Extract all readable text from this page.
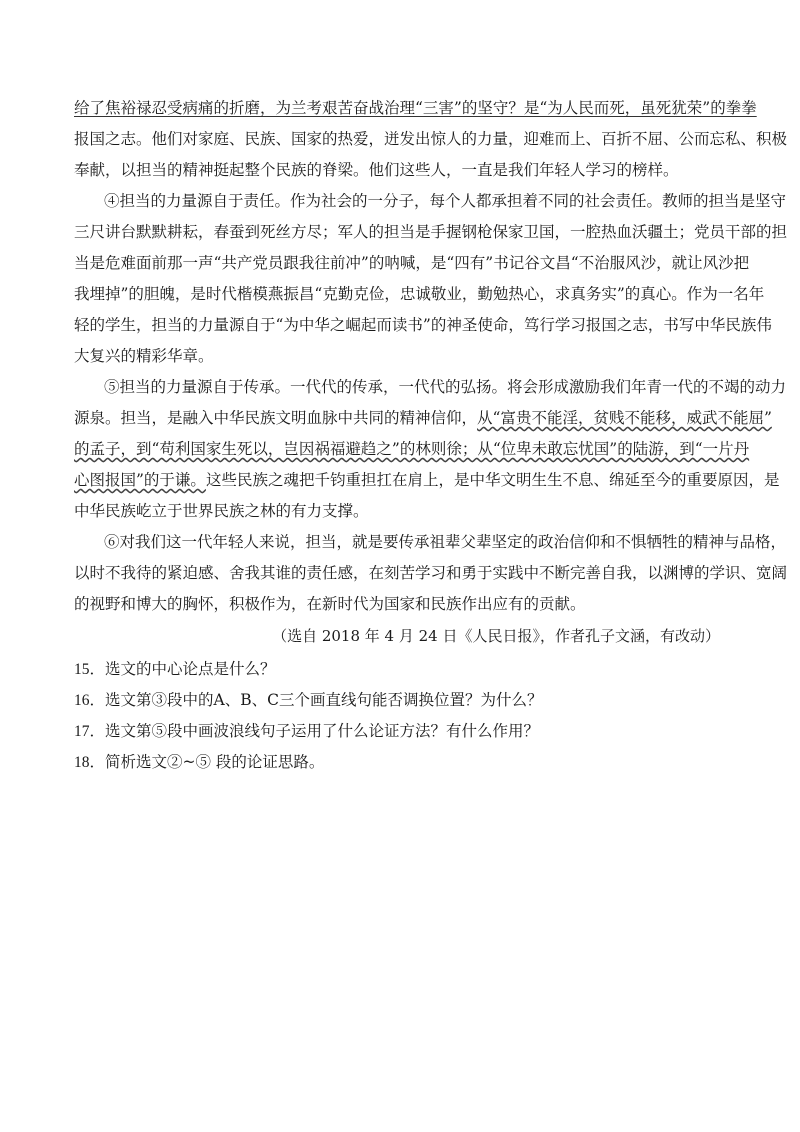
给了焦裕禄忍受病痛的折磨，为兰考艰苦奋战治理“三害”的坚守？是“为人民而死，虽死犹荣”的拳拳
报国之志。他们对家庭、民族、国家的热爱，迸发出惊人的力量，迎难而上、百折不屈、公而忘私、积极
奉献，以担当的精神挺起整个民族的脊梁。他们这些人，一直是我们年轻人学习的榜样。
④担当的力量源自于责任。作为社会的一分子，每个人都承担着不同的社会责任。教师的担当是坚守
三尺讲台默默耕耘，春蚕到死丝方尽；军人的担当是手握钢枪保家卫国，一腔热血沃疆土；党员干部的担
当是危难面前那一声“共产党员跟我往前冲”的呐喊，是“四有”书记谷文昌“不治服风沙，就让风沙把
我埋掉”的胆魄，是时代楷模燕振昌“克勤克俭，忠诚敬业，勤勉热心，求真务实”的真心。作为一名年
轻的学生，担当的力量源自于“为中华之崛起而读书”的神圣使命，笃行学习报国之志，书写中华民族伟
大复兴的精彩华章。
⑤担当的力量源自于传承。一代代的传承，一代代的弘扬。将会形成激励我们年青一代的不竭的动力
源泉。担当，是融入中华民族文明血脉中共同的精神信仰，从“富贵不能淫，贫贱不能移，威武不能屈”
的孟子，到“苟利国家生死以，岂因祸福避趋之”的林则徐；从“位卑未敢忘忧国”的陆游，到“一片丹
心图报国”的于谦。这些民族之魂把千钧重担扛在肩上，是中华文明生生不息、绵延至今的重要原因，是
中华民族屹立于世界民族之林的有力支撑。
⑥对我们这一代年轻人来说，担当，就是要传承祖辈父辈坚定的政治信仰和不惧牺牲的精神与品格，
以时不我待的紧迫感、舍我其谁的责任感，在刻苦学习和勇于实践中不断完善自我，以渊博的学识、宽阔
的视野和博大的胸怀，积极作为，在新时代为国家和民族作出应有的贡献。
（选自 2018 年 4 月 24 日《人民日报》，作者孔子文涵，有改动）
15．选文的中心论点是什么？
16．选文第③段中的A、B、C三个画直线句能否调换位置？为什么？
17．选文第⑤段中画波浪线句子运用了什么论证方法？有什么作用？
18．简析选文②~⑤ 段的论证思路。
